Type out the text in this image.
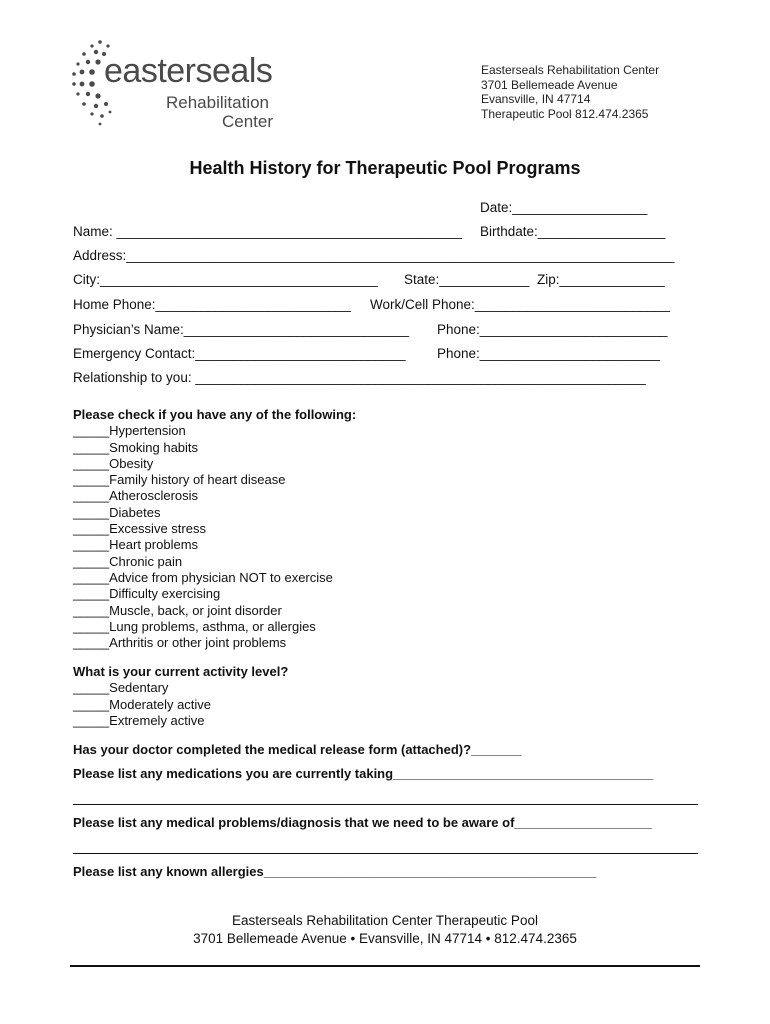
easterseals
Rehabilitation
Center
Easterseals Rehabilitation Center
3701 Bellemeade Avenue
Evansville, IN 47714
Therapeutic Pool 812.474.2365
Health History for Therapeutic Pool Programs
Date:__________________
Name: ______________________________________________ Birthdate:_________________
Address:_________________________________________________________________________
City:_____________________________________ State:____________ Zip:______________
Home Phone:__________________________ Work/Cell Phone:__________________________
Physician’s Name:______________________________ Phone:_________________________
Emergency Contact:____________________________ Phone:________________________
Relationship to you: ____________________________________________________________
Please check if you have any of the following:
_____Hypertension
_____Smoking habits
_____Obesity
_____Family history of heart disease
_____Atherosclerosis
_____Diabetes
_____Excessive stress
_____Heart problems
_____Chronic pain
_____Advice from physician NOT to exercise
_____Difficulty exercising
_____Muscle, back, or joint disorder
_____Lung problems, asthma, or allergies
_____Arthritis or other joint problems
What is your current activity level?
_____Sedentary
_____Moderately active
_____Extremely active
Has your doctor completed the medical release form (attached)?_______
Please list any medications you are currently taking____________________________________
Please list any medical problems/diagnosis that we need to be aware of___________________
Please list any known allergies______________________________________________
Easterseals Rehabilitation Center Therapeutic Pool
3701 Bellemeade Avenue • Evansville, IN 47714 • 812.474.2365
